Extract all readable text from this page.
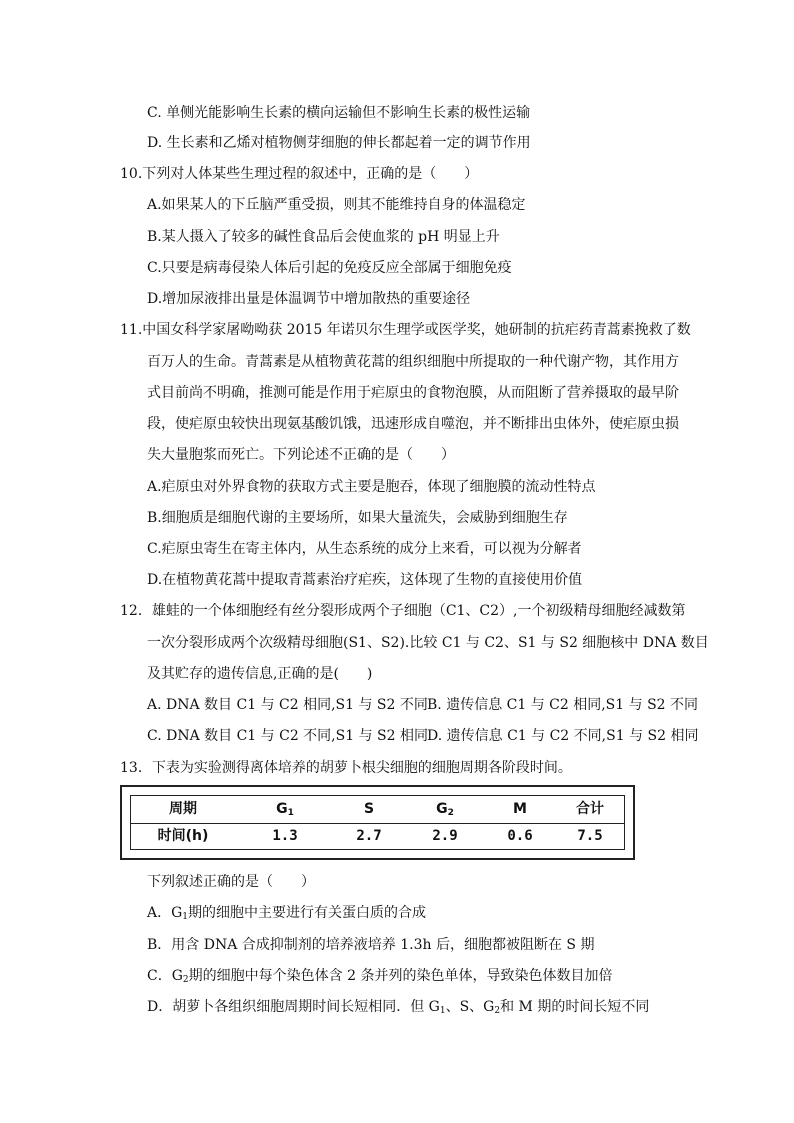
C. 单侧光能影响生长素的横向运输但不影响生长素的极性运输
D. 生长素和乙烯对植物侧芽细胞的伸长都起着一定的调节作用
10.下列对人体某些生理过程的叙述中，正确的是（　　）
A.如果某人的下丘脑严重受损，则其不能维持自身的体温稳定
B.某人摄入了较多的碱性食品后会使血浆的 pH 明显上升
C.只要是病毒侵染人体后引起的免疫反应全部属于细胞免疫
D.增加尿液排出量是体温调节中增加散热的重要途径
11.中国女科学家屠呦呦获 2015 年诺贝尔生理学或医学奖，她研制的抗疟药青蒿素挽救了数
百万人的生命。青蒿素是从植物黄花蒿的组织细胞中所提取的一种代谢产物，其作用方
式目前尚不明确，推测可能是作用于疟原虫的食物泡膜，从而阻断了营养摄取的最早阶
段，使疟原虫较快出现氨基酸饥饿，迅速形成自噬泡，并不断排出虫体外，使疟原虫损
失大量胞浆而死亡。下列论述不正确的是（　　）
A.疟原虫对外界食物的获取方式主要是胞吞，体现了细胞膜的流动性特点
B.细胞质是细胞代谢的主要场所，如果大量流失，会威胁到细胞生存
C.疟原虫寄生在寄主体内，从生态系统的成分上来看，可以视为分解者
D.在植物黄花蒿中提取青蒿素治疗疟疾，这体现了生物的直接使用价值
12．雄蛙的一个体细胞经有丝分裂形成两个子细胞（C1、C2）,一个初级精母细胞经减数第
一次分裂形成两个次级精母细胞(S1、S2).比较 C1 与 C2、S1 与 S2 细胞核中 DNA 数目
及其贮存的遗传信息,正确的是(　　)
A. DNA 数目 C1 与 C2 相同,S1 与 S2 不同 B. 遗传信息 C1 与 C2 相同,S1 与 S2 不同
C. DNA 数目 C1 与 C2 不同,S1 与 S2 相同 D. 遗传信息 C1 与 C2 不同,S1 与 S2 相同
13．下表为实验测得离体培养的胡萝卜根尖细胞的细胞周期各阶段时间。
周期	$G_1$	S	$G_2$	M	合计
时间(h)	1.3	2.7	2.9	0.6	7.5
下列叙述正确的是（　　）
A．$G_1$期的细胞中主要进行有关蛋白质的合成
B．用含 DNA 合成抑制剂的培养液培养 1.3h 后，细胞都被阻断在 S 期
C．$G_2$期的细胞中每个染色体含 2 条并列的染色单体，导致染色体数目加倍
D．胡萝卜各组织细胞周期时间长短相同．但 $G_1$、S、$G_2$和 M 期的时间长短不同
